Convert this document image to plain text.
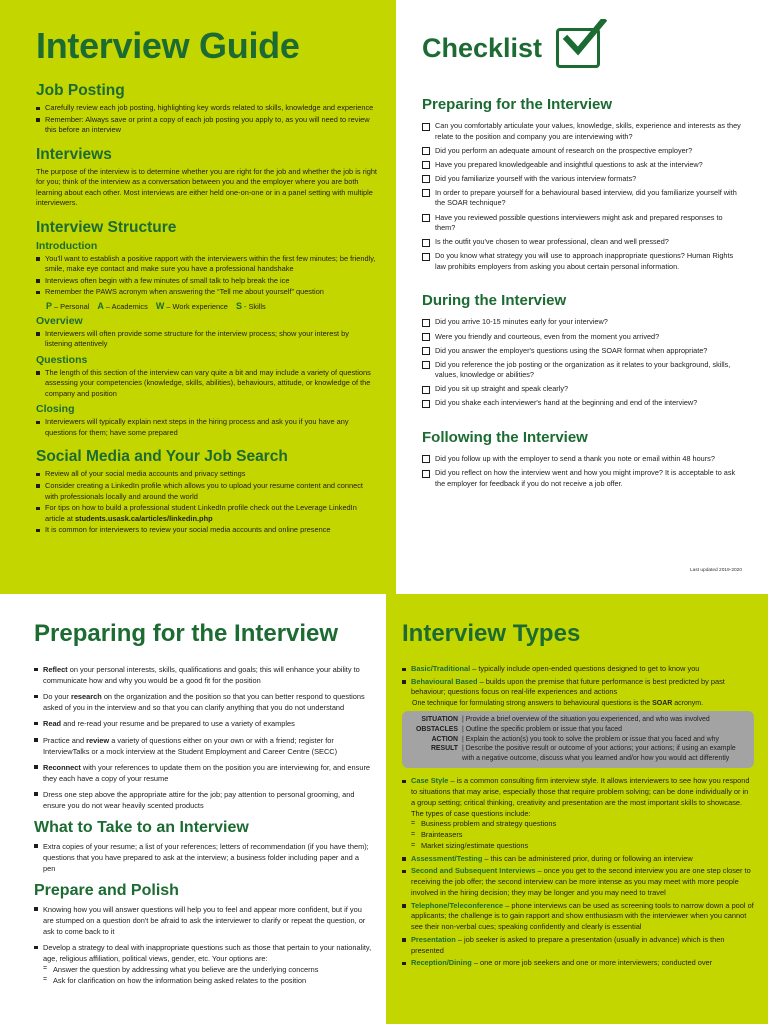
Interview Guide
Job Posting
Carefully review each job posting, highlighting key words related to skills, knowledge and experience
Remember: Always save or print a copy of each job posting you apply to, as you will need to review this before an interview
Interviews

The purpose of the interview is to determine whether you are right for the job and whether the job is right for you; think of the interview as a conversation between you and the employer where you are both learning about each other. Most interviews are either held one-on-one or in a panel setting with multiple interviewers.

Interview Structure
Introduction
You'll want to establish a positive rapport with the interviewers within the first few minutes; be friendly, smile, make eye contact and make sure you have a professional handshake
Interviews often begin with a few minutes of small talk to help break the ice
Remember the PAWS acronym when answering the “Tell me about yourself” question
P – Personal A – Academics W – Work experience S - Skills
Overview
Interviewers will often provide some structure for the interview process; show your interest by listening attentively
Questions
The length of this section of the interview can vary quite a bit and may include a variety of questions assessing your competencies (knowledge, skills, abilities), behaviours, attitude, or knowledge of the company and position
Closing
Interviewers will typically explain next steps in the hiring process and ask you if you have any questions for them; have some prepared
Social Media and Your Job Search
Review all of your social media accounts and privacy settings
Consider creating a LinkedIn profile which allows you to upload your resume content and connect with professionals locally and around the world
For tips on how to build a professional student LinkedIn profile check out the Leverage LinkedIn article at students.usask.ca/articles/linkedin.php
It is common for interviewers to review your social media accounts and online presence
Checklist
Preparing for the Interview
Can you comfortably articulate your values, knowledge, skills, experience and interests as they relate to the position and company you are interviewing with?
Did you perform an adequate amount of research on the prospective employer?
Have you prepared knowledgeable and insightful questions to ask at the interview?
Did you familiarize yourself with the various interview formats?
In order to prepare yourself for a behavioural based interview, did you familiarize yourself with the SOAR technique?
Have you reviewed possible questions interviewers might ask and prepared responses to them?
Is the outfit you've chosen to wear professional, clean and well pressed?
Do you know what strategy you will use to approach inappropriate questions? Human Rights law prohibits employers from asking you about certain personal information.
During the Interview
Did you arrive 10-15 minutes early for your interview?
Were you friendly and courteous, even from the moment you arrived?
Did you answer the employer's questions using the SOAR format when appropriate?
Did you reference the job posting or the organization as it relates to your background, skills, values, knowledge or abilities?
Did you sit up straight and speak clearly?
Did you shake each interviewer's hand at the beginning and end of the interview?
Following the Interview
Did you follow up with the employer to send a thank you note or email within 48 hours?
Did you reflect on how the interview went and how you might improve? It is acceptable to ask the employer for feedback if you do not receive a job offer.
Last updated 2019-2020
Preparing for the Interview
Reflect on your personal interests, skills, qualifications and goals; this will enhance your ability to communicate how and why you would be a good fit for the position
Do your research on the organization and the position so that you can better respond to questions asked of you in the interview and so that you can clarify anything that you do not understand
Read and re-read your resume and be prepared to use a variety of examples
Practice and review a variety of questions either on your own or with a friend; register for InterviewTalks or a mock interview at the Student Employment and Career Centre (SECC)
Reconnect with your references to update them on the position you are interviewing for, and ensure they each have a copy of your resume
Dress one step above the appropriate attire for the job; pay attention to personal grooming, and ensure you do not wear heavily scented products
What to Take to an Interview
Extra copies of your resume; a list of your references; letters of recommendation (if you have them); questions that you have prepared to ask at the interview; a business folder including paper and a pen
Prepare and Polish
Knowing how you will answer questions will help you to feel and appear more confident, but if you are stumped on a question don't be afraid to ask the interviewer to clarify or repeat the question, or ask to come back to it
Develop a strategy to deal with inappropriate questions such as those that pertain to your nationality, age, religious affiliation, political views, gender, etc. Your options are:
= Answer the question by addressing what you believe are the underlying concerns
= Ask for clarification on how the information being asked relates to the position
Interview Types
Basic/Traditional – typically include open-ended questions designed to get to know you
Behavioural Based – builds upon the premise that future performance is best predicted by past behaviour; questions focus on real-life experiences and actions
One technique for formulating strong answers to behavioural questions is the SOAR acronym.
SITUATION | Provide a brief overview of the situation you experienced, and who was involved
OBSTACLES | Outline the specific problem or issue that you faced
ACTION | Explain the action(s) you took to solve the problem or issue that you faced and why
RESULT | Describe the positive result or outcome of your actions; your actions; if using an example with a negative outcome, discuss what you learned and/or how you would act differently
Case Style – is a common consulting firm interview style. It allows interviewers to see how you respond to situations that may arise, especially those that require problem solving; can be done individually or in a group setting; critical thinking, creativity and presentation are the most important skills to showcase. The types of case questions include:
= Business problem and strategy questions
= Brainteasers
= Market sizing/estimate questions
Assessment/Testing – this can be administered prior, during or following an interview
Second and Subsequent Interviews – once you get to the second interview you are one step closer to receiving the job offer; the second interview can be more intense as you may meet with more people involved in the hiring decision; they may be longer and you may need to travel
Telephone/Teleconference – phone interviews can be used as screening tools to narrow down a pool of applicants; the challenge is to gain rapport and show enthusiasm with the interviewer when you cannot see their non-verbal cues; speaking confidently and clearly is essential
Presentation – job seeker is asked to prepare a presentation (usually in advance) which is then presented
Reception/Dining – one or more job seekers and one or more interviewers; conducted over
